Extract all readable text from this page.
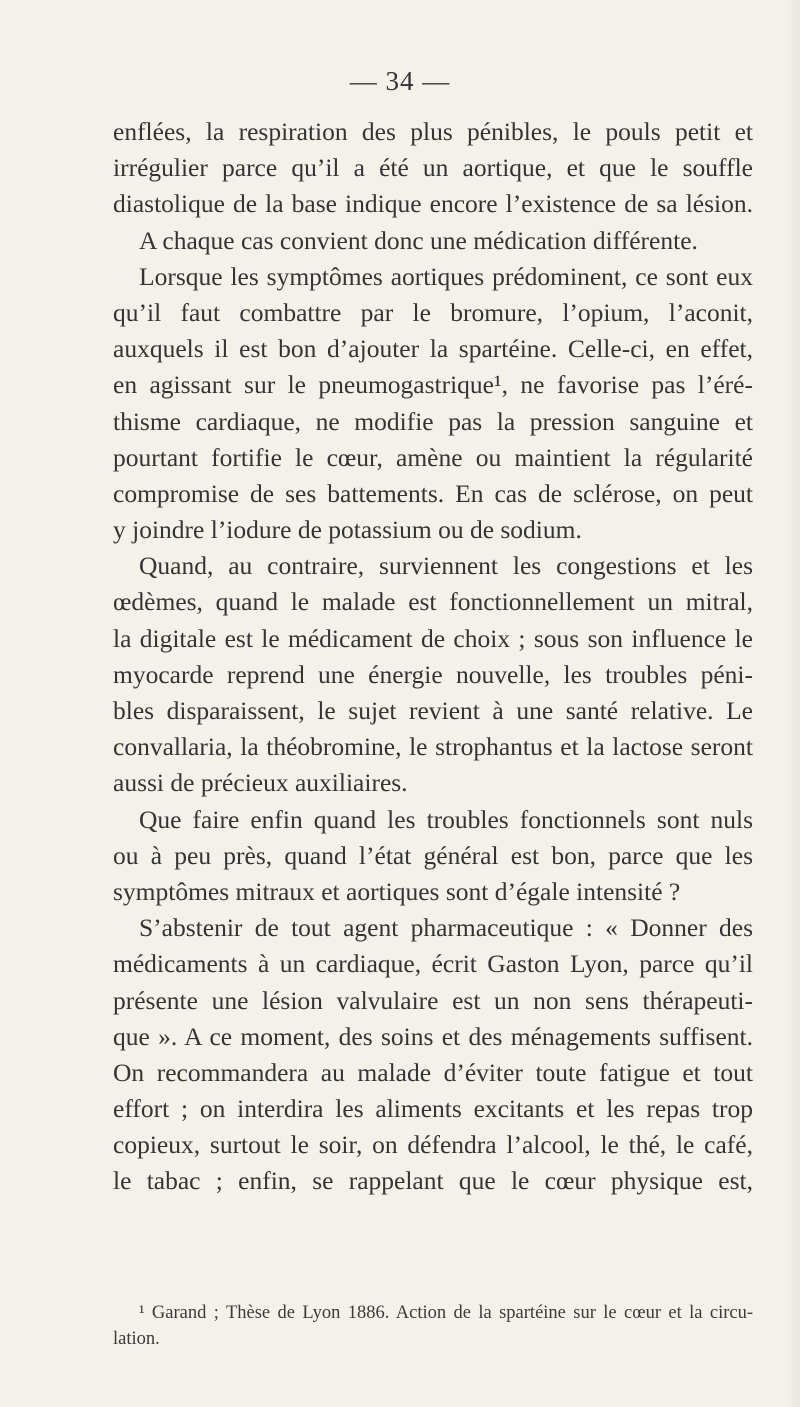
— 34 —
enflées, la respiration des plus pénibles, le pouls petit et
irrégulier parce qu’il a été un aortique, et que le souffle
diastolique de la base indique encore l’existence de sa lésion.
A chaque cas convient donc une médication différente.
Lorsque les symptômes aortiques prédominent, ce sont eux
qu’il faut combattre par le bromure, l’opium, l’aconit,
auxquels il est bon d’ajouter la spartéine. Celle-ci, en effet,
en agissant sur le pneumogastrique¹, ne favorise pas l’éré-
thisme cardiaque, ne modifie pas la pression sanguine et
pourtant fortifie le cœur, amène ou maintient la régularité
compromise de ses battements. En cas de sclérose, on peut
y joindre l’iodure de potassium ou de sodium.
Quand, au contraire, surviennent les congestions et les
œdèmes, quand le malade est fonctionnellement un mitral,
la digitale est le médicament de choix ; sous son influence le
myocarde reprend une énergie nouvelle, les troubles péni-
bles disparaissent, le sujet revient à une santé relative. Le
convallaria, la théobromine, le strophantus et la lactose seront
aussi de précieux auxiliaires.
Que faire enfin quand les troubles fonctionnels sont nuls
ou à peu près, quand l’état général est bon, parce que les
symptômes mitraux et aortiques sont d’égale intensité ?
S’abstenir de tout agent pharmaceutique : « Donner des
médicaments à un cardiaque, écrit Gaston Lyon, parce qu’il
présente une lésion valvulaire est un non sens thérapeuti-
que ». A ce moment, des soins et des ménagements suffisent.
On recommandera au malade d’éviter toute fatigue et tout
effort ; on interdira les aliments excitants et les repas trop
copieux, surtout le soir, on défendra l’alcool, le thé, le café,
le tabac ; enfin, se rappelant que le cœur physique est,
¹ Garand ; Thèse de Lyon 1886. Action de la spartéine sur le cœur et la circu-
lation.
